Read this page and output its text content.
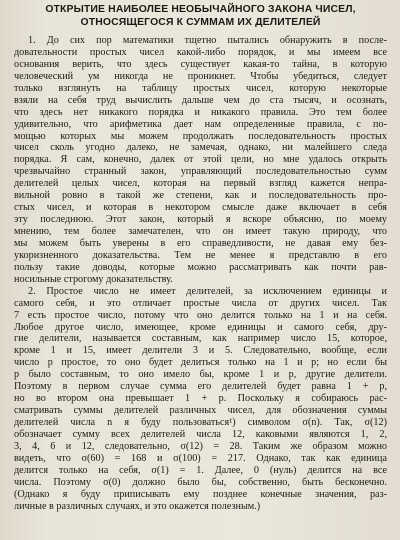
ОТКРЫТИЕ НАИБОЛЕЕ НЕОБЫЧАЙНОГО ЗАКОНА ЧИСЕЛ,
ОТНОСЯЩЕГОСЯ К СУММАМ ИХ ДЕЛИТЕЛЕЙ
1. До сих пор математики тщетно пытались обнаружить в после-
довательности простых чисел какой-либо порядок, и мы имеем все
основания верить, что здесь существует какая-то тайна, в которую
человеческий ум никогда не проникнет. Чтобы убедиться, следует
только взглянуть на таблицу простых чисел, которую некоторые
взяли на себя труд вычислить дальше чем до ста тысяч, и осознать,
что здесь нет никакого порядка и никакого правила. Это тем более
удивительно, что арифметика дает нам определенные правила, с по-
мощью которых мы можем продолжать последовательность простых
чисел сколь угодно далеко, не замечая, однако, ни малейшего следа
порядка. Я сам, конечно, далек от этой цели, но мне удалось открыть
чрезвычайно странный закон, управляющий последовательностью сумм
делителей целых чисел, которая на первый взгляд кажется непра-
вильной ровно в такой же степени, как и последовательность про-
стых чисел, и которая в некотором смысле даже включает в себя
эту последнюю. Этот закон, который я вскоре объясню, по моему
мнению, тем более замечателен, что он имеет такую природу, что
мы можем быть уверены в его справедливости, не давая ему без-
укоризненного доказательства. Тем не менее я представлю в его
пользу такие доводы, которые можно рассматривать как почти рав-
носильные строгому доказательству.
2. Простое число не имеет делителей, за исключением единицы и
самого себя, и это отличает простые числа от других чисел. Так
7 есть простое число, потому что оно делится только на 1 и на себя.
Любое другое число, имеющее, кроме единицы и самого себя, дру-
гие делители, называется составным, как например число 15, которое,
кроме 1 и 15, имеет делители 3 и 5. Следовательно, вообще, если
число p простое, то оно будет делиться только на 1 и p; но если бы
p было составным, то оно имело бы, кроме 1 и p, другие делители.
Поэтому в первом случае сумма его делителей будет равна 1 + p,
но во втором она превышает 1 + p. Поскольку я собираюсь рас-
сматривать суммы делителей различных чисел, для обозначения суммы
делителей числа n я буду пользоваться¹) символом σ(n). Так, σ(12)
обозначает сумму всех делителей числа 12, каковыми являются 1, 2,
3, 4, 6 и 12, следовательно, σ(12) = 28. Таким же образом можно
видеть, что σ(60) = 168 и σ(100) = 217. Однако, так как единица
делится только на себя, σ(1) = 1. Далее, 0 (нуль) делится на все
числа. Поэтому σ(0) должно было бы, собственно, быть бесконечно.
(Однако я буду приписывать ему позднее конечные значения, раз-
личные в различных случаях, и это окажется полезным.)
